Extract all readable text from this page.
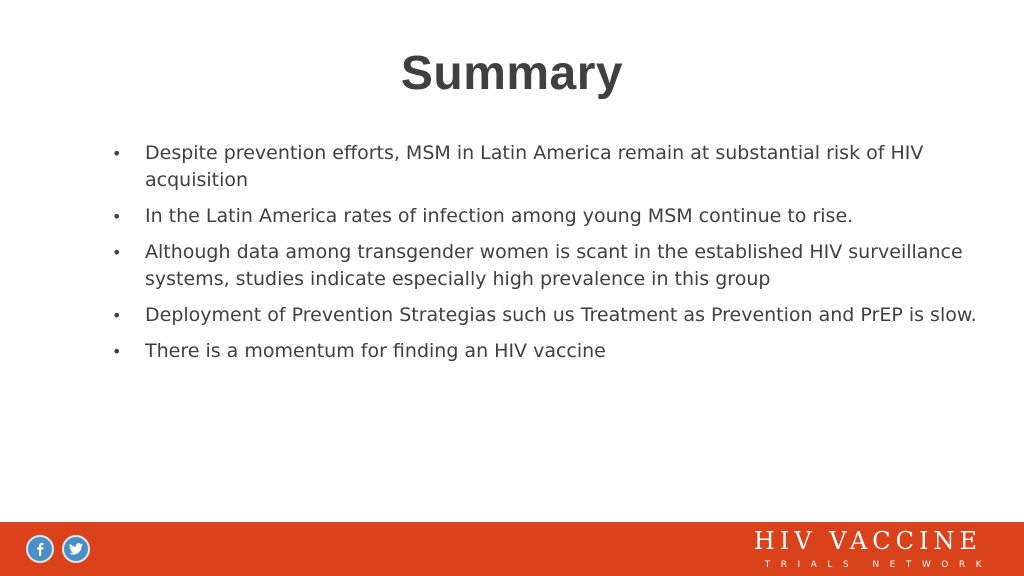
Summary
• Despite prevention efforts, MSM in Latin America remain at substantial risk of HIV acquisition
• In the Latin America rates of infection among young MSM continue to rise.
• Although data among transgender women is scant in the established HIV surveillance systems, studies indicate especially high prevalence in this group
• Deployment of Prevention Strategias such us Treatment as Prevention and PrEP is slow.
• There is a momentum for finding an HIV vaccine
HIV VACCINE
TRIALS NETWORK
